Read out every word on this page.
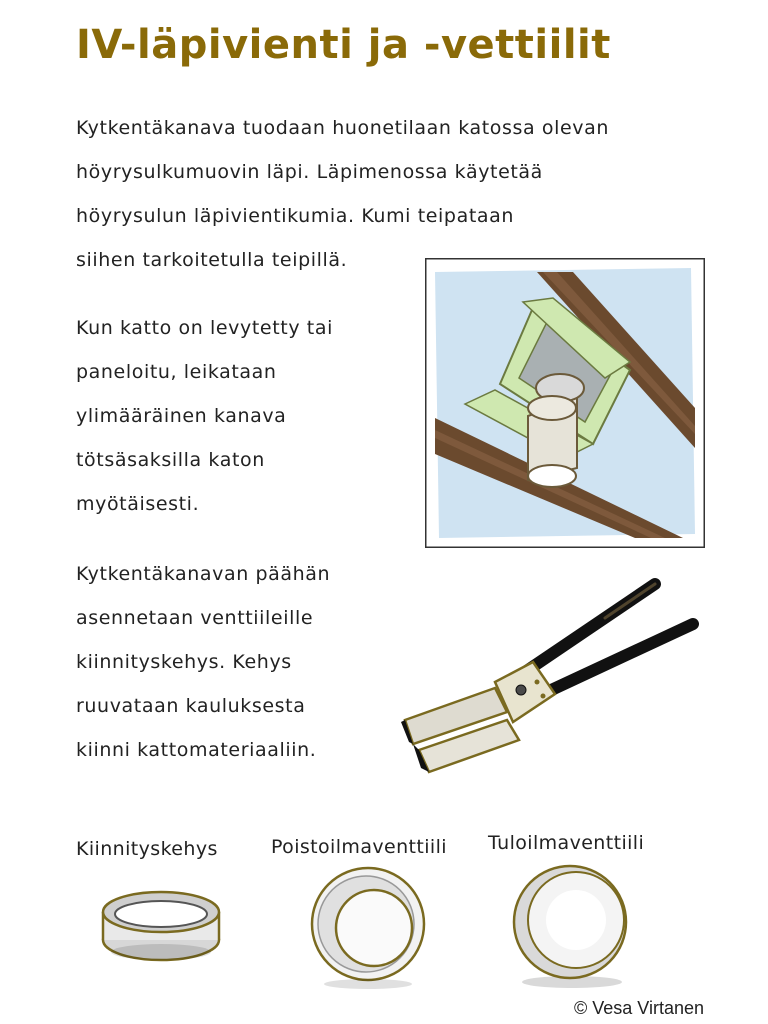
IV-läpivienti ja -vettiilit
Kytkentäkanava tuodaan huonetilaan katossa olevan
höyrysulkumuovin läpi. Läpimenossa käytetää
höyrysulun läpivientikumia. Kumi teipataan
siihen tarkoitetulla teipillä.
Kun katto on levytetty tai
paneloitu, leikataan
ylimääräinen kanava
tötsäsaksilla katon
myötäisesti.
Kytkentäkanavan päähän
asennetaan venttiileille
kiinnityskehys. Kehys
ruuvataan kauluksesta
kiinni kattomateriaaliin.
Kiinnityskehys	Poistoilmaventtiili Tuloilmaventtiili
© Vesa Virtanen
